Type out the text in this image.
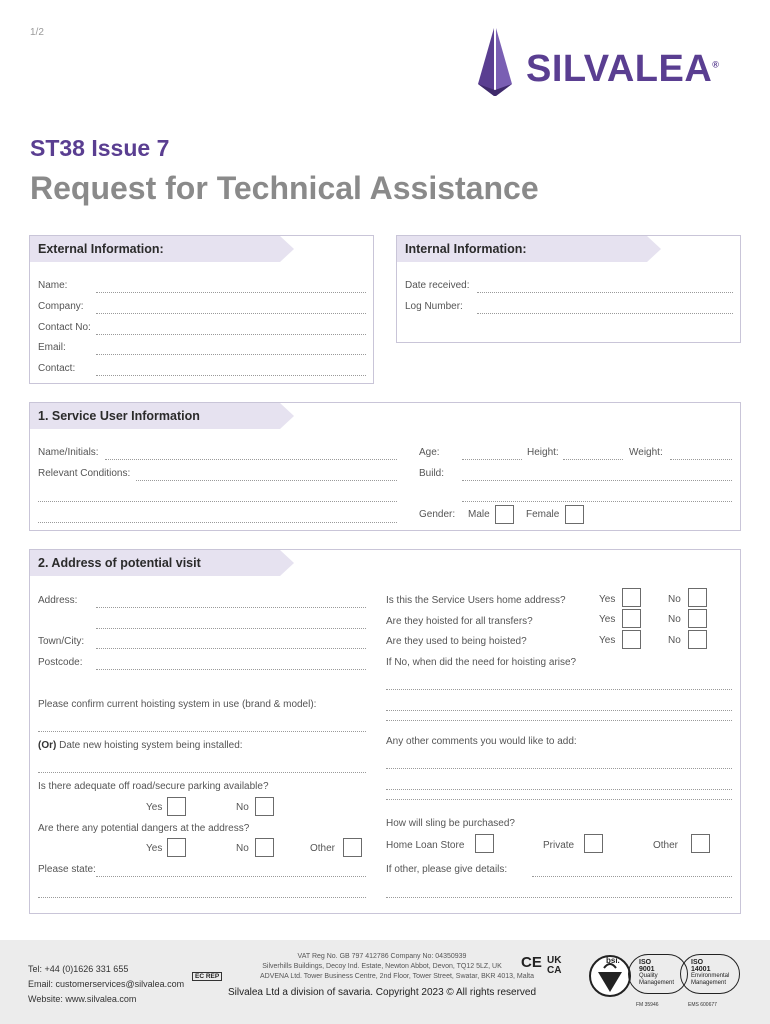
1/2
SILVALEA®
ST38 Issue 7
Request for Technical Assistance
External Information:
Name:
Company:
Contact No:
Email:
Contact:
Internal Information:
Date received:
Log Number:
1. Service User Information
Name/Initials:
Relevant Conditions:
Age:	Height:	Weight:
Build:
Gender: Male	Female
2. Address of potential visit
Address:
Town/City:
Postcode:
Please confirm current hoisting system in use (brand & model):
(Or) Date new hoisting system being installed:
Is there adequate off road/secure parking available?
Yes	No
Are there any potential dangers at the address?
Yes	No	Other
Please state:
Is this the Service Users home address?	Yes	No
Are they hoisted for all transfers?	Yes	No
Are they used to being hoisted?	Yes	No
If No, when did the need for hoisting arise?
Any other comments you would like to add:
How will sling be purchased?
Home Loan Store	Private	Other
If other, please give details:
Tel: +44 (0)1626 331 655
Email: customerservices@silvalea.com
Website: www.silvalea.com
VAT Reg No. GB 797 412786 Company No: 04350939
Silverhills Buildings, Decoy Ind. Estate, Newton Abbot, Devon, TQ12 5LZ, UK
ADVENA Ltd. Tower Business Centre, 2nd Floor, Tower Street, Swatar, BKR 4013, Malta
EC REP
CE UK
CA
Silvalea Ltd a division of savaria. Copyright 2023 © All rights reserved
bsi.	ISO
9001
Quality Management
ISO
14001
Environmental Management
FM 35946	EMS 600677
